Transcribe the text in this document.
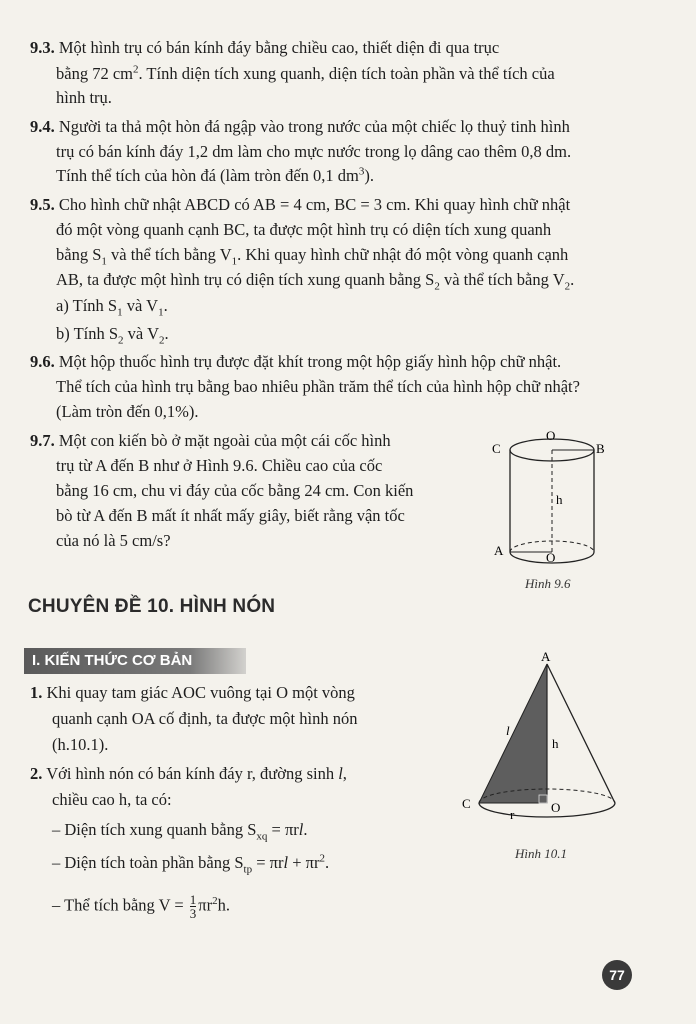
9.3. Một hình trụ có bán kính đáy bằng chiều cao, thiết diện đi qua trục
bằng 72 $cm^2$. Tính diện tích xung quanh, diện tích toàn phần và thể tích của
hình trụ.
9.4. Người ta thả một hòn đá ngập vào trong nước của một chiếc lọ thuỷ tinh hình
trụ có bán kính đáy 1,2 dm làm cho mực nước trong lọ dâng cao thêm 0,8 dm.
Tính thể tích của hòn đá (làm tròn đến 0,1 $dm^3$).
9.5. Cho hình chữ nhật ABCD có AB = 4 cm, BC = 3 cm. Khi quay hình chữ nhật
đó một vòng quanh cạnh BC, ta được một hình trụ có diện tích xung quanh
bằng $S_1$ và thể tích bằng $V_1$. Khi quay hình chữ nhật đó một vòng quanh cạnh
AB, ta được một hình trụ có diện tích xung quanh bằng $S_2$ và thể tích bằng $V_2$.
a) Tính $S_1$ và $V_1$.
b) Tính $S_2$ và $V_2$.
9.6. Một hộp thuốc hình trụ được đặt khít trong một hộp giấy hình hộp chữ nhật.
Thể tích của hình trụ bằng bao nhiêu phần trăm thể tích của hình hộp chữ nhật?
(Làm tròn đến 0,1%).
9.7. Một con kiến bò ở mặt ngoài của một cái cốc hình
trụ từ A đến B như ở Hình 9.6. Chiều cao của cốc
bằng 16 cm, chu vi đáy của cốc bằng 24 cm. Con kiến
bò từ A đến B mất ít nhất mấy giây, biết rằng vận tốc
của nó là 5 cm/s?
O
C	B
h
A	O
Hình 9.6
CHUYÊN ĐỀ 10. HÌNH NÓN
I. KIẾN THỨC CƠ BẢN
1. Khi quay tam giác AOC vuông tại O một vòng
quanh cạnh OA cố định, ta được một hình nón
(h.10.1).
2. Với hình nón có bán kính đáy r, đường sinh l,
chiều cao h, ta có:
– Diện tích xung quanh bằng $S_{xq} = \pi rl$.
– Diện tích toàn phần bằng $S_{tp} = \pi rl + \pi r^2$.
– Thể tích bằng $V = \frac{1}{3} \pi r^2h$.
A
l
h
C	O
r
Hình 10.1
77
